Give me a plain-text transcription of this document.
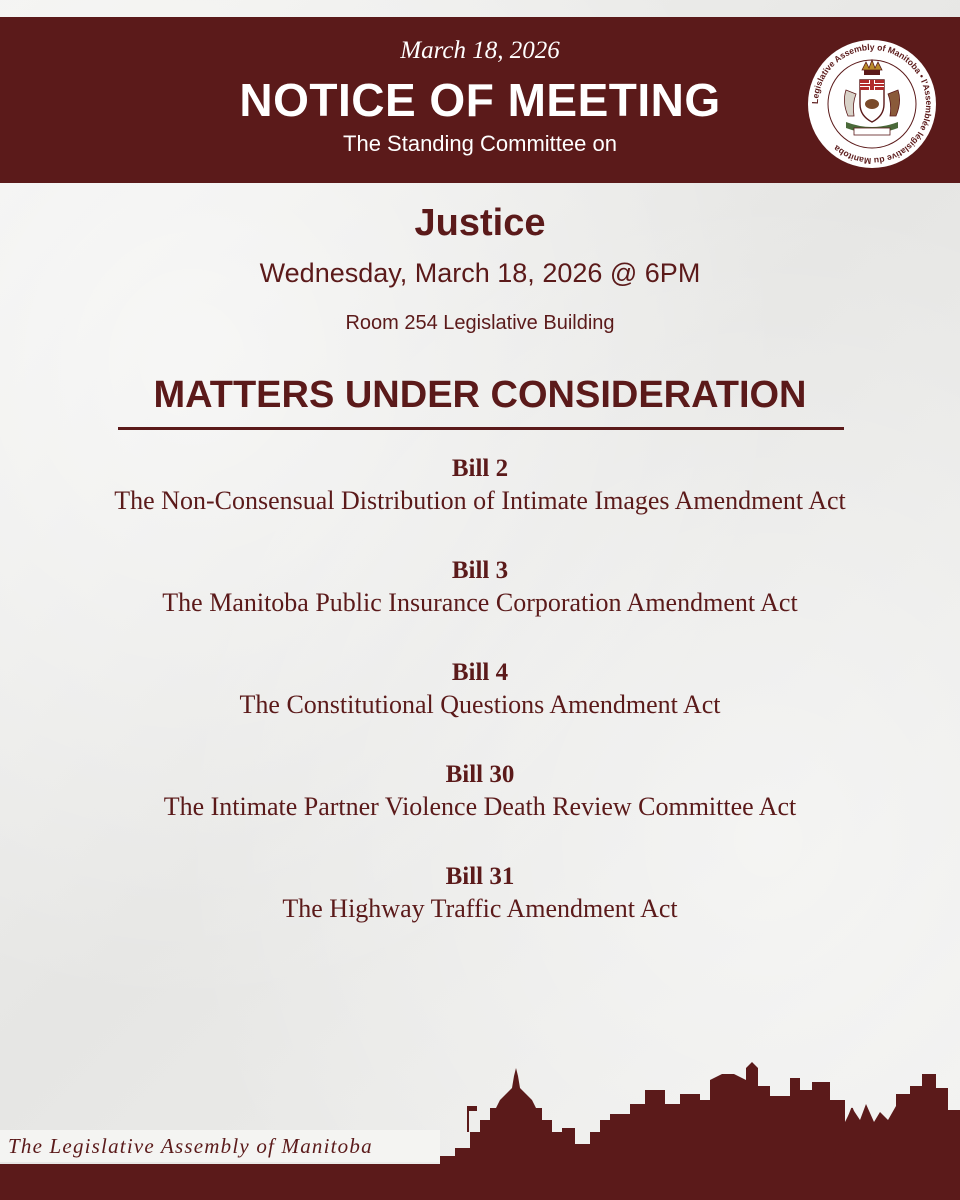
March 18, 2026
NOTICE OF MEETING
The Standing Committee on
Legislative Assembly of Manitoba • l'Assemblée législative du Manitoba
Justice
Wednesday, March 18, 2026 @ 6PM
Room 254 Legislative Building
MATTERS UNDER CONSIDERATION
Bill 2
The Non-Consensual Distribution of Intimate Images Amendment Act
Bill 3
The Manitoba Public Insurance Corporation Amendment Act
Bill 4
The Constitutional Questions Amendment Act
Bill 30
The Intimate Partner Violence Death Review Committee Act
Bill 31
The Highway Traffic Amendment Act
The Legislative Assembly of Manitoba
